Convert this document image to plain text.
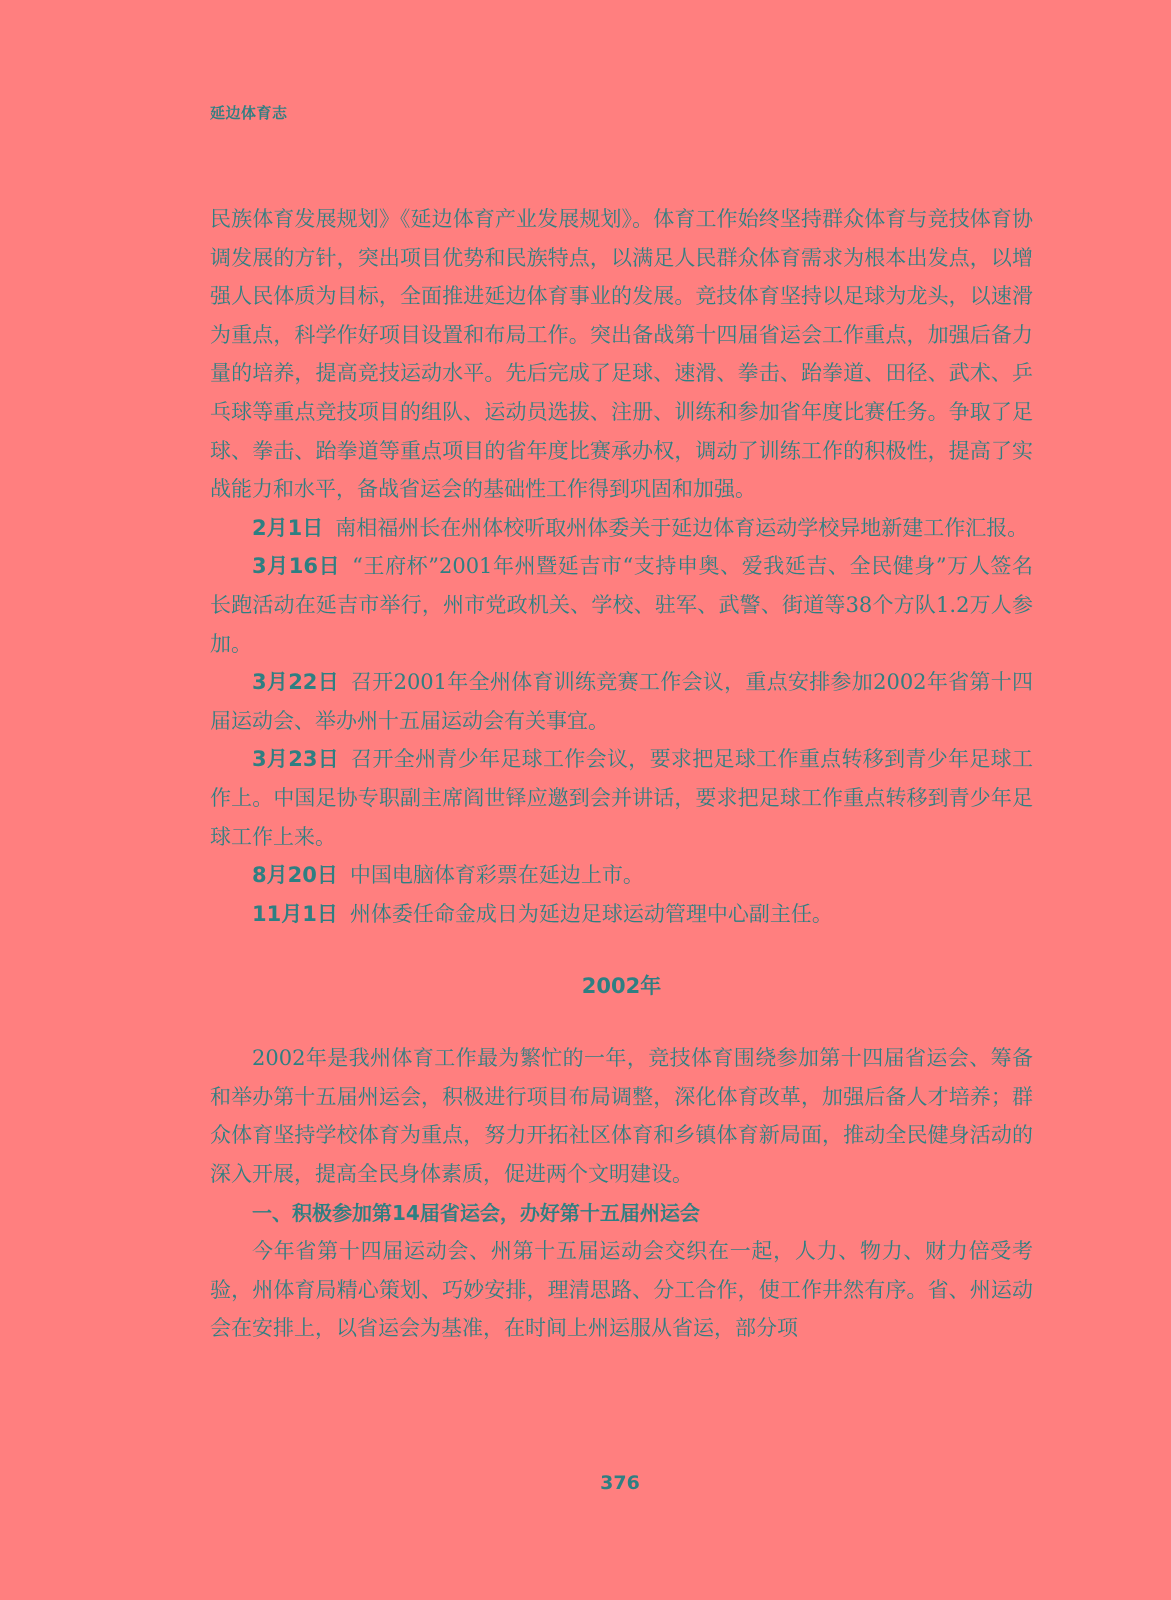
延边体育志

民族体育发展规划》《延边体育产业发展规划》。体育工作始终坚持群众体育与竞技体育协调发展的方针，突出项目优势和民族特点，以满足人民群众体育需求为根本出发点，以增强人民体质为目标，全面推进延边体育事业的发展。竞技体育坚持以足球为龙头，以速滑为重点，科学作好项目设置和布局工作。突出备战第十四届省运会工作重点，加强后备力量的培养，提高竞技运动水平。先后完成了足球、速滑、拳击、跆拳道、田径、武术、乒乓球等重点竞技项目的组队、运动员选拔、注册、训练和参加省年度比赛任务。争取了足球、拳击、跆拳道等重点项目的省年度比赛承办权，调动了训练工作的积极性，提高了实战能力和水平，备战省运会的基础性工作得到巩固和加强。

2月1日 南相福州长在州体校听取州体委关于延边体育运动学校异地新建工作汇报。

3月16日 “王府杯”2001年州暨延吉市“支持申奥、爱我延吉、全民健身”万人签名长跑活动在延吉市举行，州市党政机关、学校、驻军、武警、街道等38个方队1.2万人参加。

3月22日 召开2001年全州体育训练竞赛工作会议，重点安排参加2002年省第十四届运动会、举办州十五届运动会有关事宜。

3月23日 召开全州青少年足球工作会议，要求把足球工作重点转移到青少年足球工作上。中国足协专职副主席阎世铎应邀到会并讲话，要求把足球工作重点转移到青少年足球工作上来。

8月20日 中国电脑体育彩票在延边上市。

11月1日 州体委任命金成日为延边足球运动管理中心副主任。

2002年

2002年是我州体育工作最为繁忙的一年，竞技体育围绕参加第十四届省运会、筹备和举办第十五届州运会，积极进行项目布局调整，深化体育改革，加强后备人才培养；群众体育坚持学校体育为重点，努力开拓社区体育和乡镇体育新局面，推动全民健身活动的深入开展，提高全民身体素质，促进两个文明建设。

一、积极参加第14届省运会，办好第十五届州运会

今年省第十四届运动会、州第十五届运动会交织在一起，人力、物力、财力倍受考验，州体育局精心策划、巧妙安排，理清思路、分工合作，使工作井然有序。省、州运动会在安排上，以省运会为基准，在时间上州运服从省运，部分项

376
